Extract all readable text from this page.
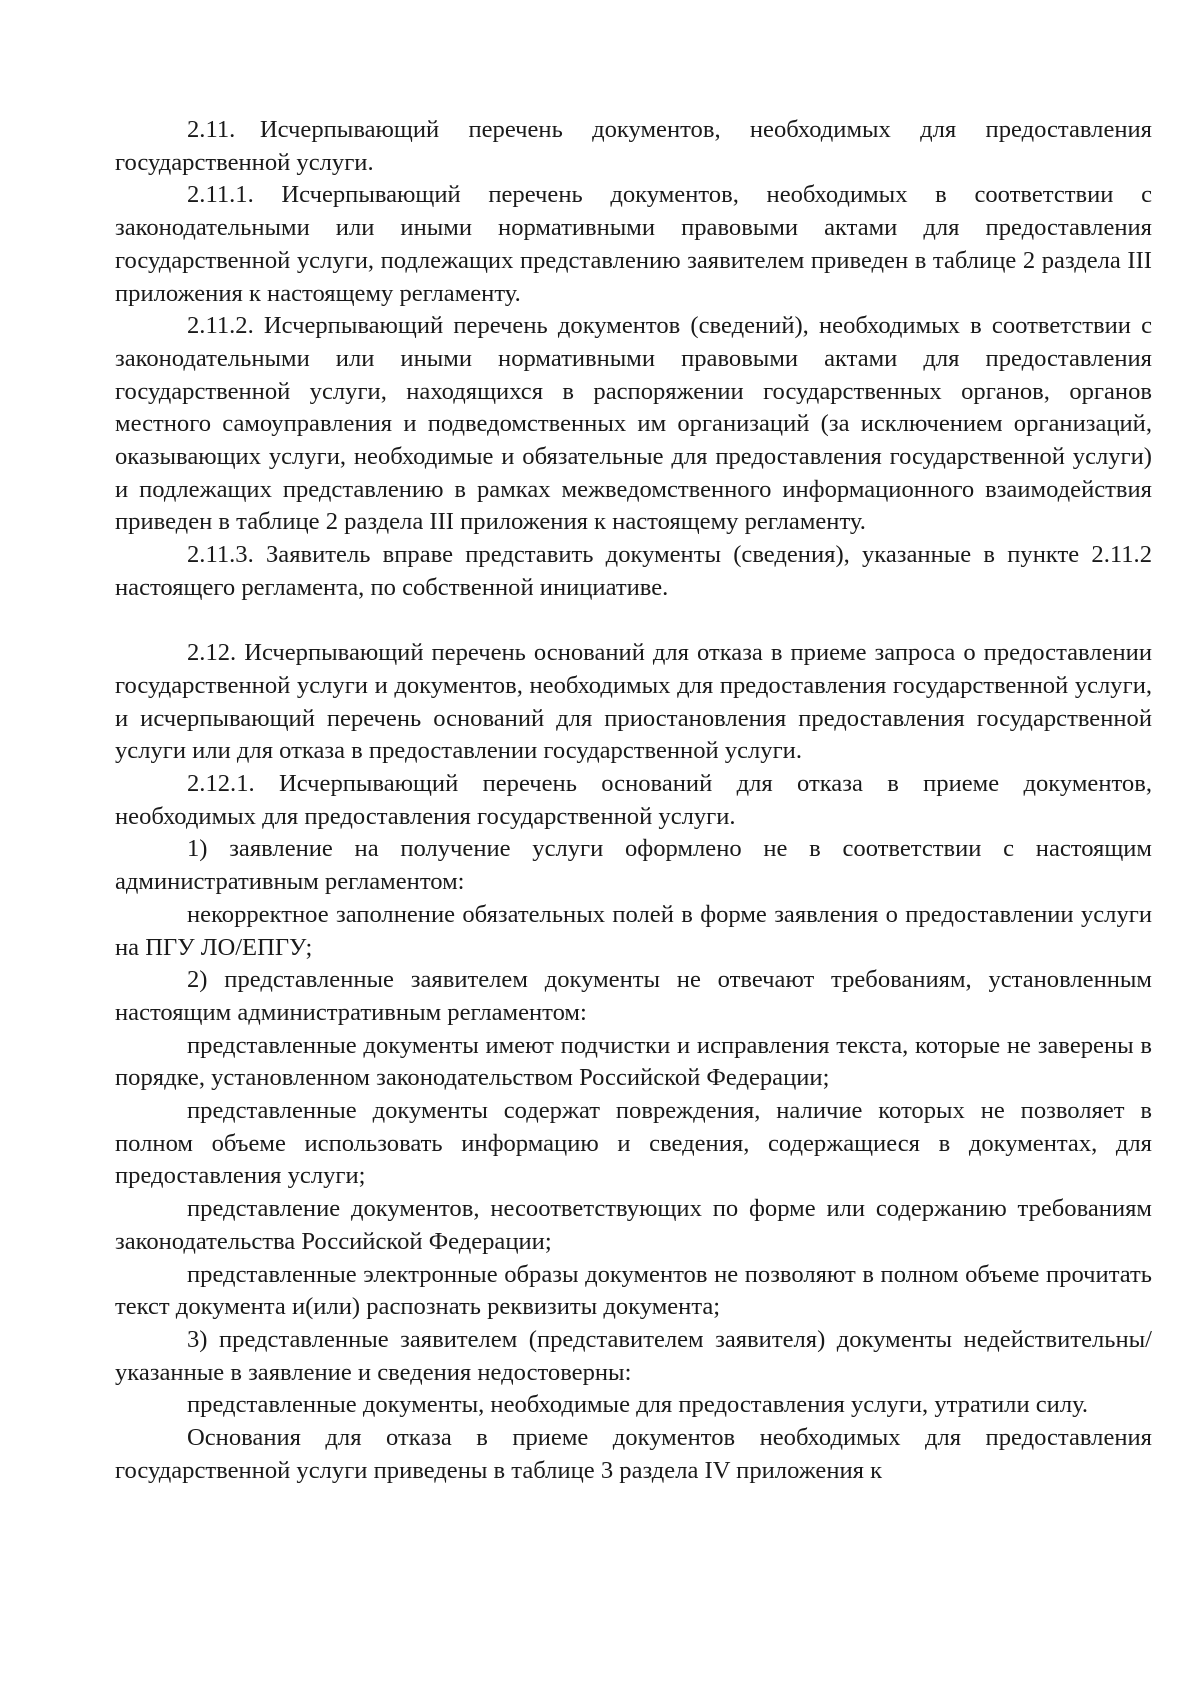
2.11. Исчерпывающий перечень документов, необходимых для предоставления государственной услуги.

2.11.1. Исчерпывающий перечень документов, необходимых в соответствии с законодательными или иными нормативными правовыми актами для предоставления государственной услуги, подлежащих представлению заявителем приведен в таблице 2 раздела III приложения к настоящему регламенту.

2.11.2. Исчерпывающий перечень документов (сведений), необходимых в соответствии с законодательными или иными нормативными правовыми актами для предоставления государственной услуги, находящихся в распоряжении государственных органов, органов местного самоуправления и подведомственных им организаций (за исключением организаций, оказывающих услуги, необходимые и обязательные для предоставления государственной услуги) и подлежащих представлению в рамках межведомственного информационного взаимодействия приведен в таблице 2 раздела III приложения к настоящему регламенту.

2.11.3. Заявитель вправе представить документы (сведения), указанные в пункте 2.11.2 настоящего регламента, по собственной инициативе.

2.12. Исчерпывающий перечень оснований для отказа в приеме запроса о предоставлении государственной услуги и документов, необходимых для предоставления государственной услуги, и исчерпывающий перечень оснований для приостановления предоставления государственной услуги или для отказа в предоставлении государственной услуги.

2.12.1. Исчерпывающий перечень оснований для отказа в приеме документов, необходимых для предоставления государственной услуги.

1) заявление на получение услуги оформлено не в соответствии с настоящим административным регламентом:

некорректное заполнение обязательных полей в форме заявления о предоставлении услуги на ПГУ ЛО/ЕПГУ;

2) представленные заявителем документы не отвечают требованиям, установленным настоящим административным регламентом:

представленные документы имеют подчистки и исправления текста, которые не заверены в порядке, установленном законодательством Российской Федерации;

представленные документы содержат повреждения, наличие которых не позволяет в полном объеме использовать информацию и сведения, содержащиеся в документах, для предоставления услуги;

представление документов, несоответствующих по форме или содержанию требованиям законодательства Российской Федерации;

представленные электронные образы документов не позволяют в полном объеме прочитать текст документа и(или) распознать реквизиты документа;

3) представленные заявителем (представителем заявителя) документы недействительны/указанные в заявление и сведения недостоверны:

представленные документы, необходимые для предоставления услуги, утратили силу.

Основания для отказа в приеме документов необходимых для предоставления государственной услуги приведены в таблице 3 раздела IV приложения к
